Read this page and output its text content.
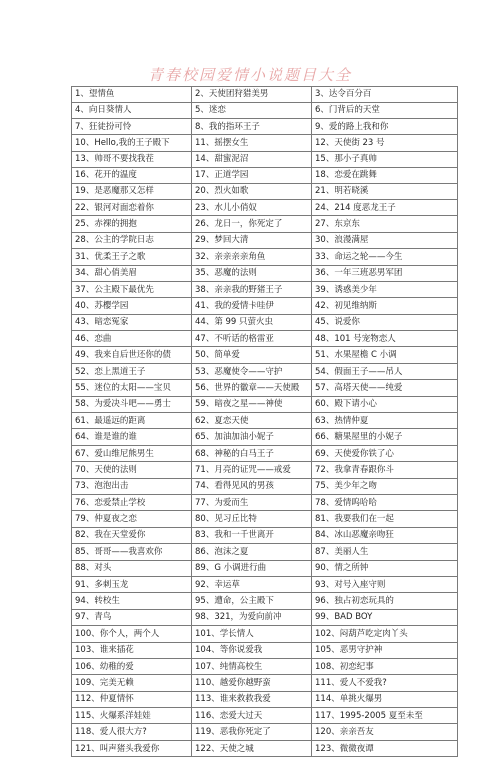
青春校园爱情小说题目大全
1、望情鱼	2、天使团狩猎美男	3、达令百分百
4、向日葵情人	5、迷恋	6、门背后的天堂
7、狂徒扮可怜	8、我的指环王子	9、爱的路上我和你
10、Hello,我的王子殿下	11、摇摆女生	12、天使街 23 号
13、帅哥不要找我茬	14、甜蜜泥沼	15、那小子真帅
16、花开的温度	17、正道学园	18、恋爱在跳舞
19、是恶魔那又怎样	20、烈火如歌	21、明若晓溪
22、银河对面恋着你	23、水儿小俏奴	24、214 度恶龙王子
25、赤裸的拥抱	26、龙日一，你死定了	27、东京东
28、公主的学院日志	29、梦回大清	30、浪漫满屋
31、优柔王子之歌	32、亲亲亲亲角鱼	33、命运之轮——今生
34、甜心俏美眉	35、恶魔的法则	36、一年三班恶男军团
37、公主殿下最优先	38、亲亲我的野猪王子	39、诱惑美少年
40、苏樱学园	41、我的爱情卡哇伊	42、初见维纳斯
43、暗恋冤家	44、第 99 只萤火虫	45、说爱你
46、恋曲	47、不听话的格雷亚	48、101 号宠物恋人
49、我来自后世还你的债	50、简单爱	51、水果屋檐 C 小调
52、恋上黑道王子	53、恶魔使令——守护	54、假面王子——吊人
55、迷位的太阳——宝贝	56、世界的徽章——天使殿	57、高塔天使——纯爱
58、为爱决斗吧——勇士	59、暗夜之星——神使	60、殿下请小心
61、最遥远的距离	62、夏恋天使	63、热情仲夏
64、谁是谁的谁	65、加油加油小妮子	66、糖果屋里的小妮子
67、爱山维尼熊男生	68、神秘的白马王子	69、天使爱你铁了心
70、天使的法则	71、月亮的证咒——戒爱	72、我拿青春跟你斗
73、泡泡出击	74、看得见风的男孩	75、美少年之吻
76、恋爱禁止学校	77、为爱而生	78、爱情呜哈哈
79、仲夏夜之恋	80、见习丘比特	81、我要我们在一起
82、我在天堂爱你	83、我和一千世离开	84、冰山恶魔亲吻狂
85、哥哥——我喜欢你	86、泡沫之夏	87、美丽人生
88、对头	89、G 小调进行曲	90、情之所钟
91、多刺玉龙	92、幸运草	93、对号入座守则
94、转校生	95、遭命，公主殿下	96、独占初恋玩具的
97、青鸟	98、321，为爱向前冲	99、BAD BOY
100、你个人，两个人	101、学长情人	102、闷葫芦吃定肉丫头
103、谁来插花	104、等你说爱我	105、恶男守护神
106、幼稚的爱	107、纯情高校生	108、初恋纪事
109、完美无赖	110、越爱你越野蛮	111、爱人不爱我?
112、仲夏情怀	113、谁来救救我爱	114、单挑火爆男
115、火爆系洋娃娃	116、恋爱大过天	117、1995-2005 夏至未至
118、爱人很大方?	119、恶我你死定了	120、亲亲吾友
121、叫声猪头我爱你	122、天使之城	123、微微夜谭
